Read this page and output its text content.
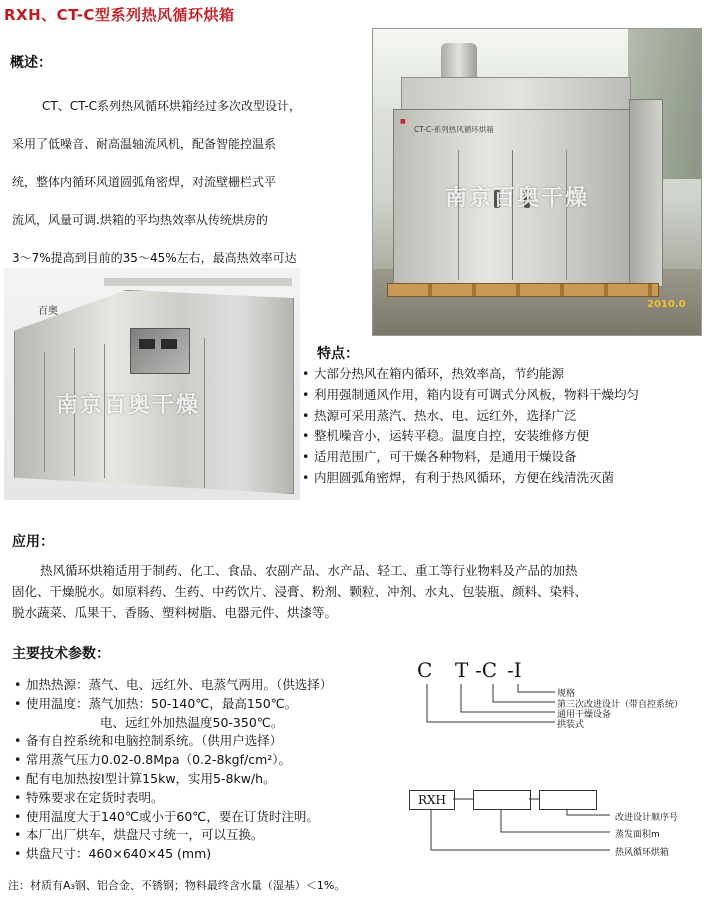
RXH、CT-C型系列热风循环烘箱
概述：

CT、CT-C系列热风循环烘箱经过多次改型设计，

采用了低噪音、耐高温轴流风机，配备智能控温系

统，整体内循环风道圆弧角密焊，对流壁栅栏式平

流风，风量可调.烘箱的平均热效率从传统烘房的

3～7%提高到目前的35～45%左右，最高热效率可达

CT-C-系列热风循环烘箱
■
南京百奥干燥
2010.0
百奥
南京百奥干燥
特点：
• 大部分热风在箱内循环，热效率高，节约能源
• 利用强制通风作用，箱内设有可调式分风板，物料干燥均匀
• 热源可采用蒸汽、热水、电、远红外，选择广泛
• 整机噪音小，运转平稳。温度自控，安装维修方便
• 适用范围广，可干燥各种物料，是通用干燥设备
• 内胆圆弧角密焊，有利于热风循环，方便在线清洗灭菌
应用：
热风循环烘箱适用于制药、化工、食品、农副产品、水产品、轻工、重工等行业物料及产品的加热
固化、干燥脱水。如原料药、生药、中药饮片、浸膏、粉剂、颗粒、冲剂、水丸、包装瓶、颜料、染料、
脱水蔬菜、瓜果干、香肠、塑料树脂、电器元件、烘漆等。
主要技术参数：
• 加热热源：蒸气、电、远红外、电蒸气两用。（供选择）
• 使用温度：蒸气加热：50-140℃，最高150℃。
电、远红外加热温度50-350℃。
• 备有自控系统和电脑控制系统。（供用户选择）
• 常用蒸气压力0.02-0.8Mpa（0.2-8kgf/cm²）。
• 配有电加热按I型计算15kw，实用5-8kw/h。
• 特殊要求在定货时表明。
• 使用温度大于140℃或小于60℃，要在订货时注明。
• 本厂出厂烘车，烘盘尺寸统一，可以互换。
• 烘盘尺寸：460×640×45 (mm)
C T -C -I
规格
第三次改进设计（带自控系统）
通用干燥设备
拱装式
RXH
改进设计顺序号
蒸发面积m
热风循环烘箱
注：材质有A₃钢、铝合金、不锈钢；物料最终含水量（湿基）＜1%。
